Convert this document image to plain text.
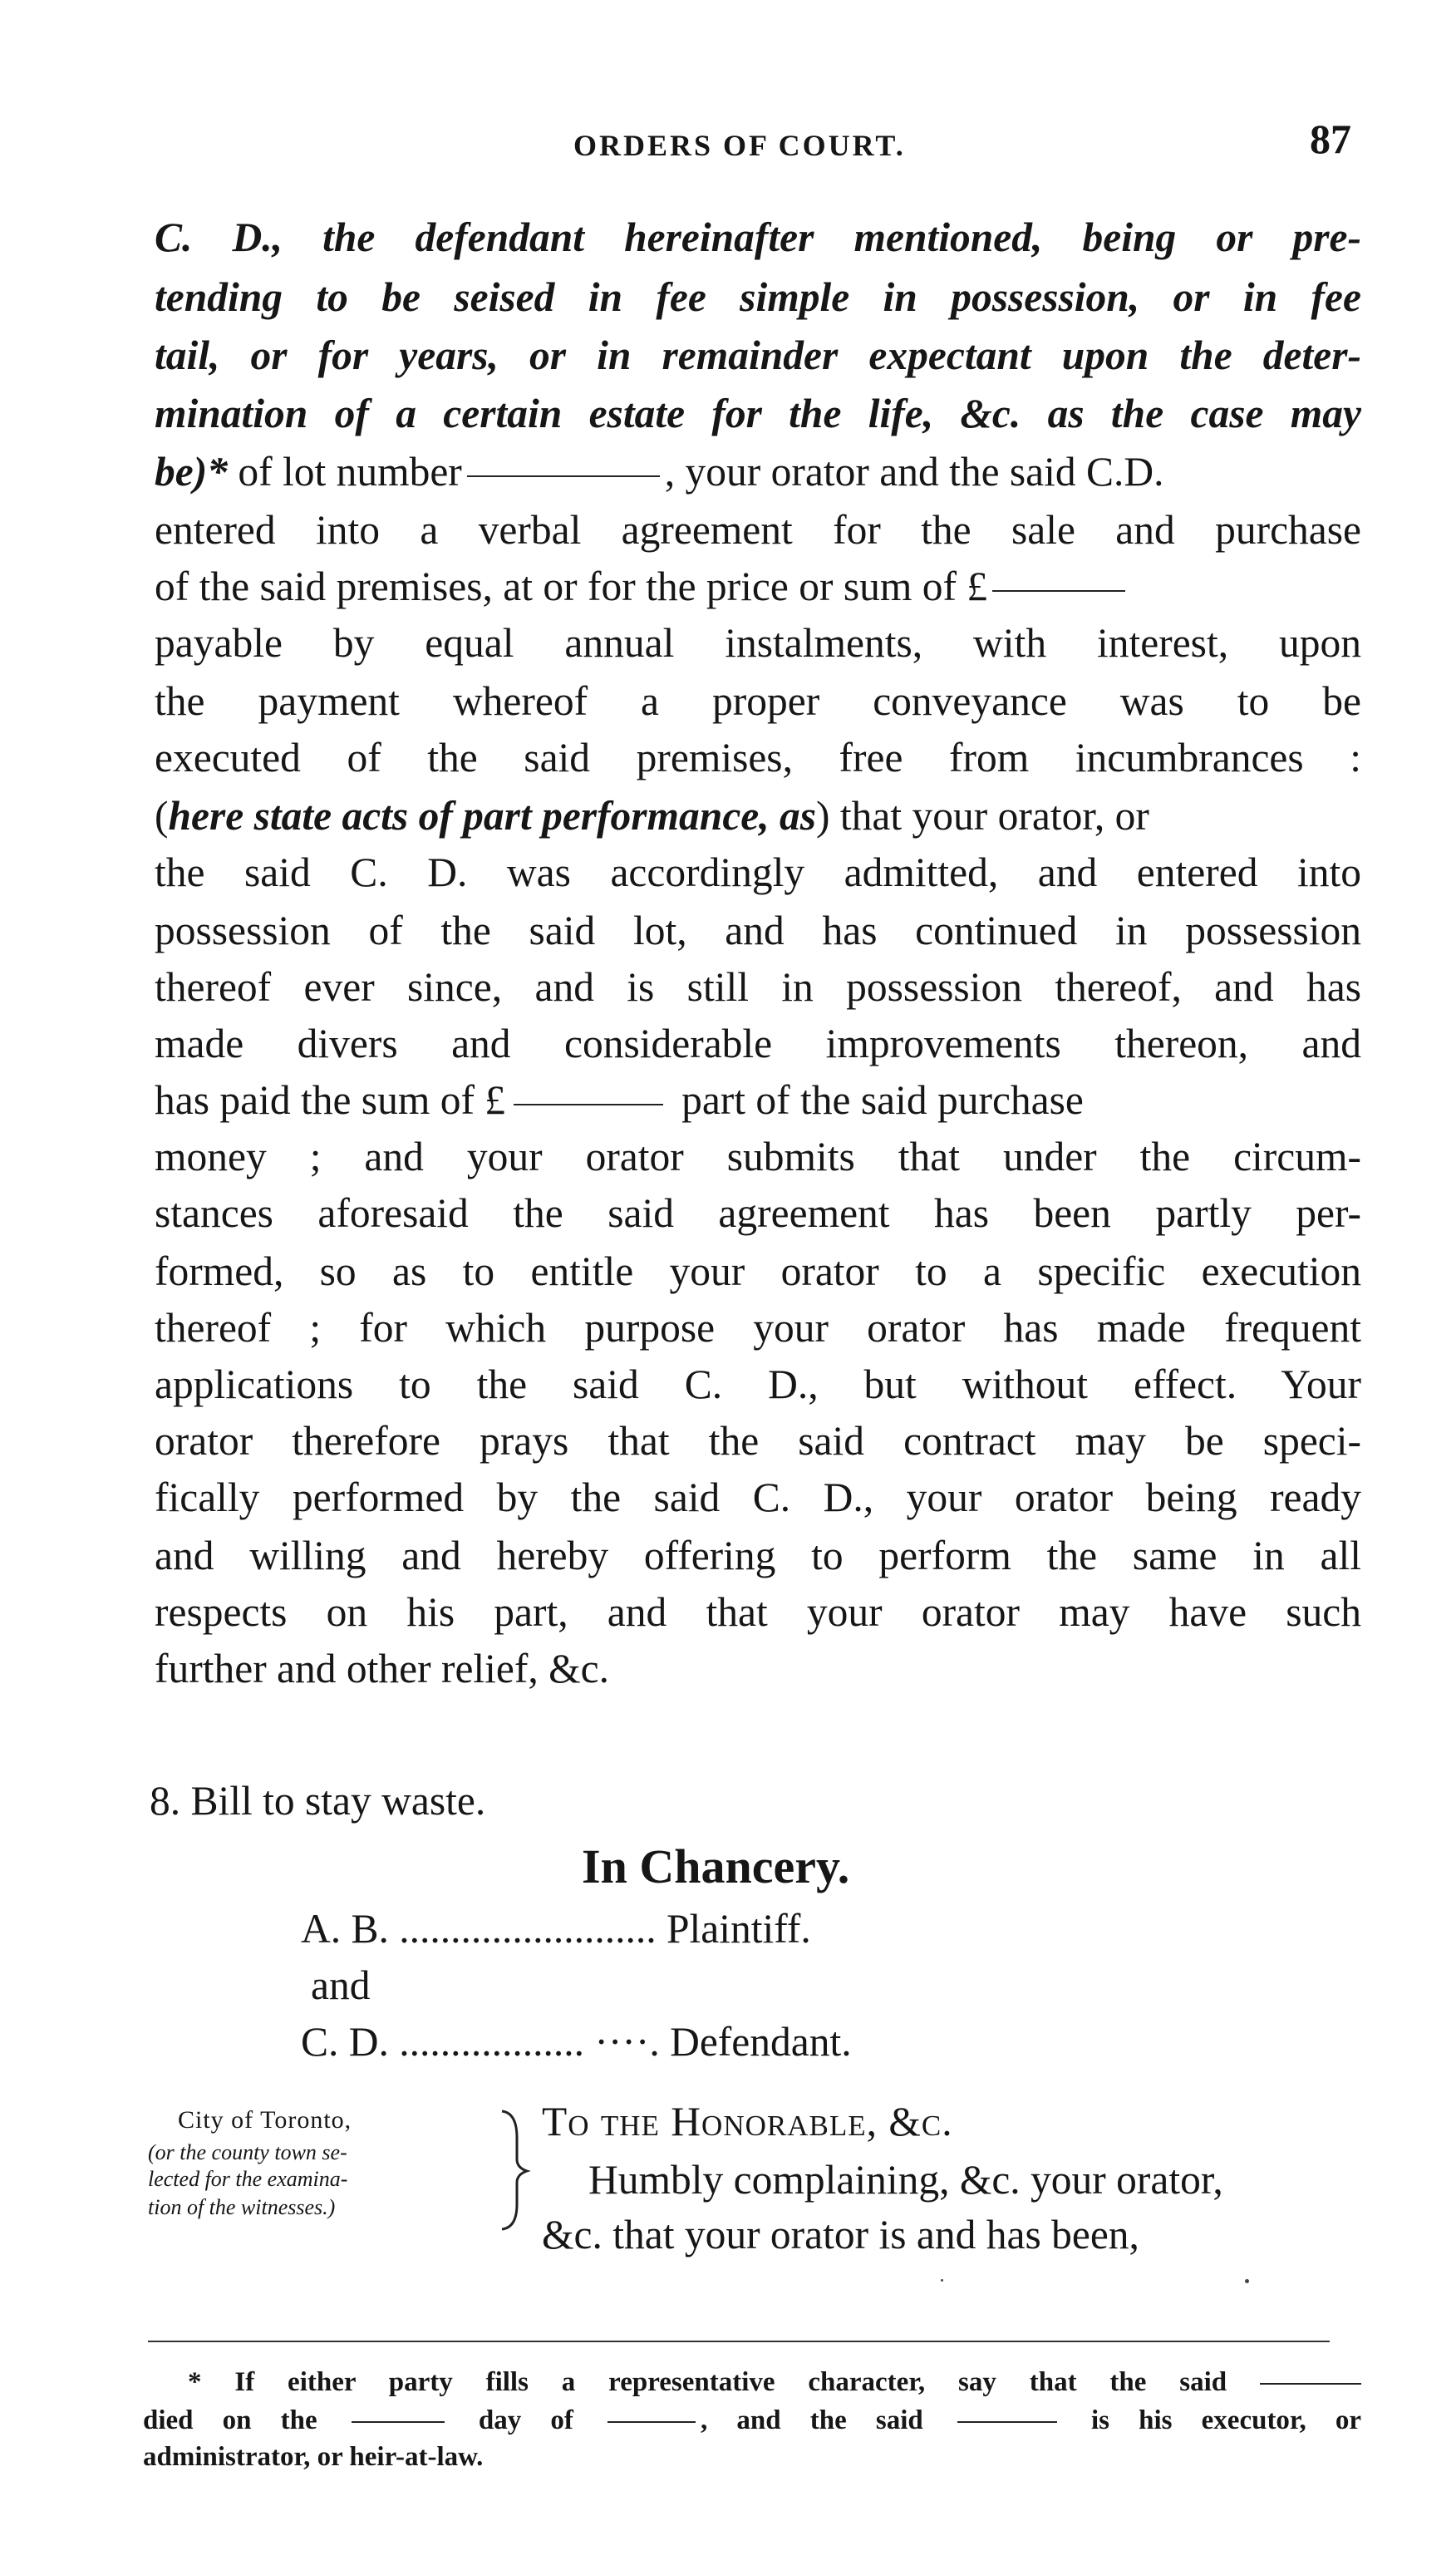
ORDERS OF COURT.	87
C. D., the defendant hereinafter mentioned, being or pre-
tending to be seised in fee simple in possession, or in fee
tail, or for years, or in remainder expectant upon the deter-
mination of a certain estate for the life, &c. as the case may
be)* of lot number	, your orator and the said C.D.
entered into a verbal agreement for the sale and purchase
of the said premises, at or for the price or sum of £
payable by equal annual instalments, with interest, upon
the payment whereof a proper conveyance was to be
executed of the said premises, free from incumbrances :
(here state acts of part performance, as) that your orator, or
the said C. D. was accordingly admitted, and entered into
possession of the said lot, and has continued in possession
thereof ever since, and is still in possession thereof, and has
made divers and considerable improvements thereon, and
has paid the sum of £	part of the said purchase
money ; and your orator submits that under the circum-
stances aforesaid the said agreement has been partly per-
formed, so as to entitle your orator to a specific execution
thereof ; for which purpose your orator has made frequent
applications to the said C. D., but without effect. Your
orator therefore prays that the said contract may be speci-
fically performed by the said C. D., your orator being ready
and willing and hereby offering to perform the same in all
respects on his part, and that your orator may have such
further and other relief, &c.
8. Bill to stay waste.
In Chancery.
A. B. ......................... Plaintiff.
and
C. D. .................. ····. Defendant.
City of Toronto,
(or the county town se-
lected for the examina-
tion of the witnesses.)
To the Honorable, &c.
Humbly complaining, &c. your orator,
&c. that your orator is and has been,
* If either party fills a representative character, say that the said
died on the	day of	, and the said	is his executor, or
administrator, or heir-at-law.
